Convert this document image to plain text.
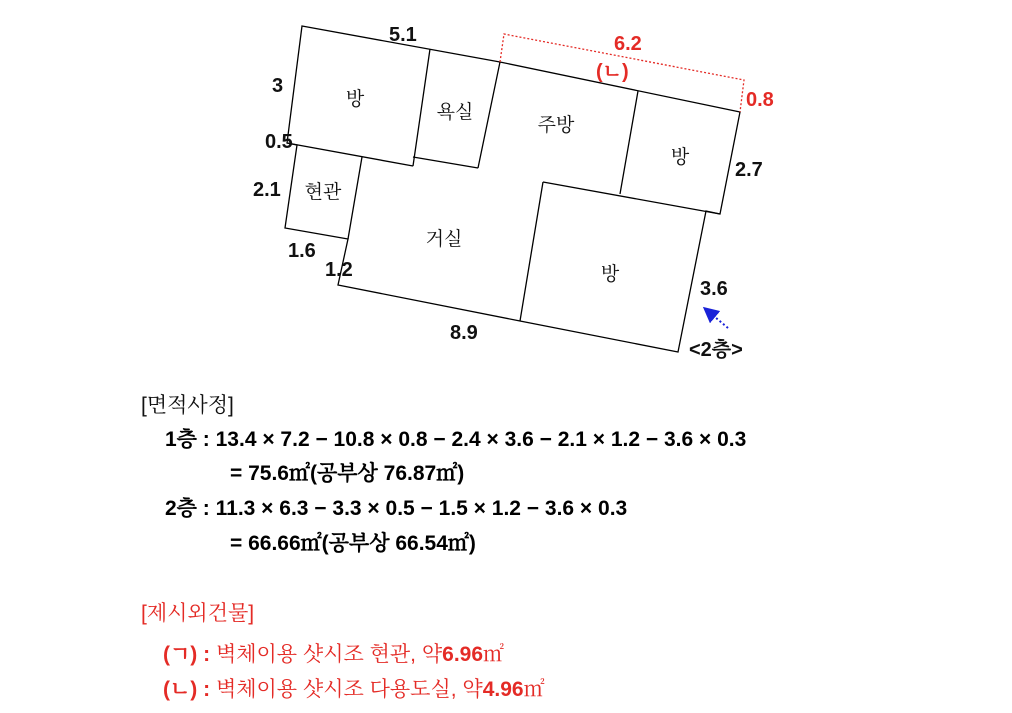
방
욕실
주방
방
현관
거실
방
5.1
3
0.5
2.1
1.6
1.2
8.9
3.6
2.7
<2층>
6.2
(ㄴ)
0.8
[면적사정]
1층 : 13.4 × 7.2 − 10.8 × 0.8 − 2.4 × 3.6 − 2.1 × 1.2 − 3.6 × 0.3
= 75.6㎡(공부상 76.87㎡)
2층 : 11.3 × 6.3 − 3.3 × 0.5 − 1.5 × 1.2 − 3.6 × 0.3
= 66.66㎡(공부상 66.54㎡)
[제시외건물]
(ㄱ) : 벽체이용 샷시조 현관, 약6.96㎡
(ㄴ) : 벽체이용 샷시조 다용도실, 약4.96㎡
